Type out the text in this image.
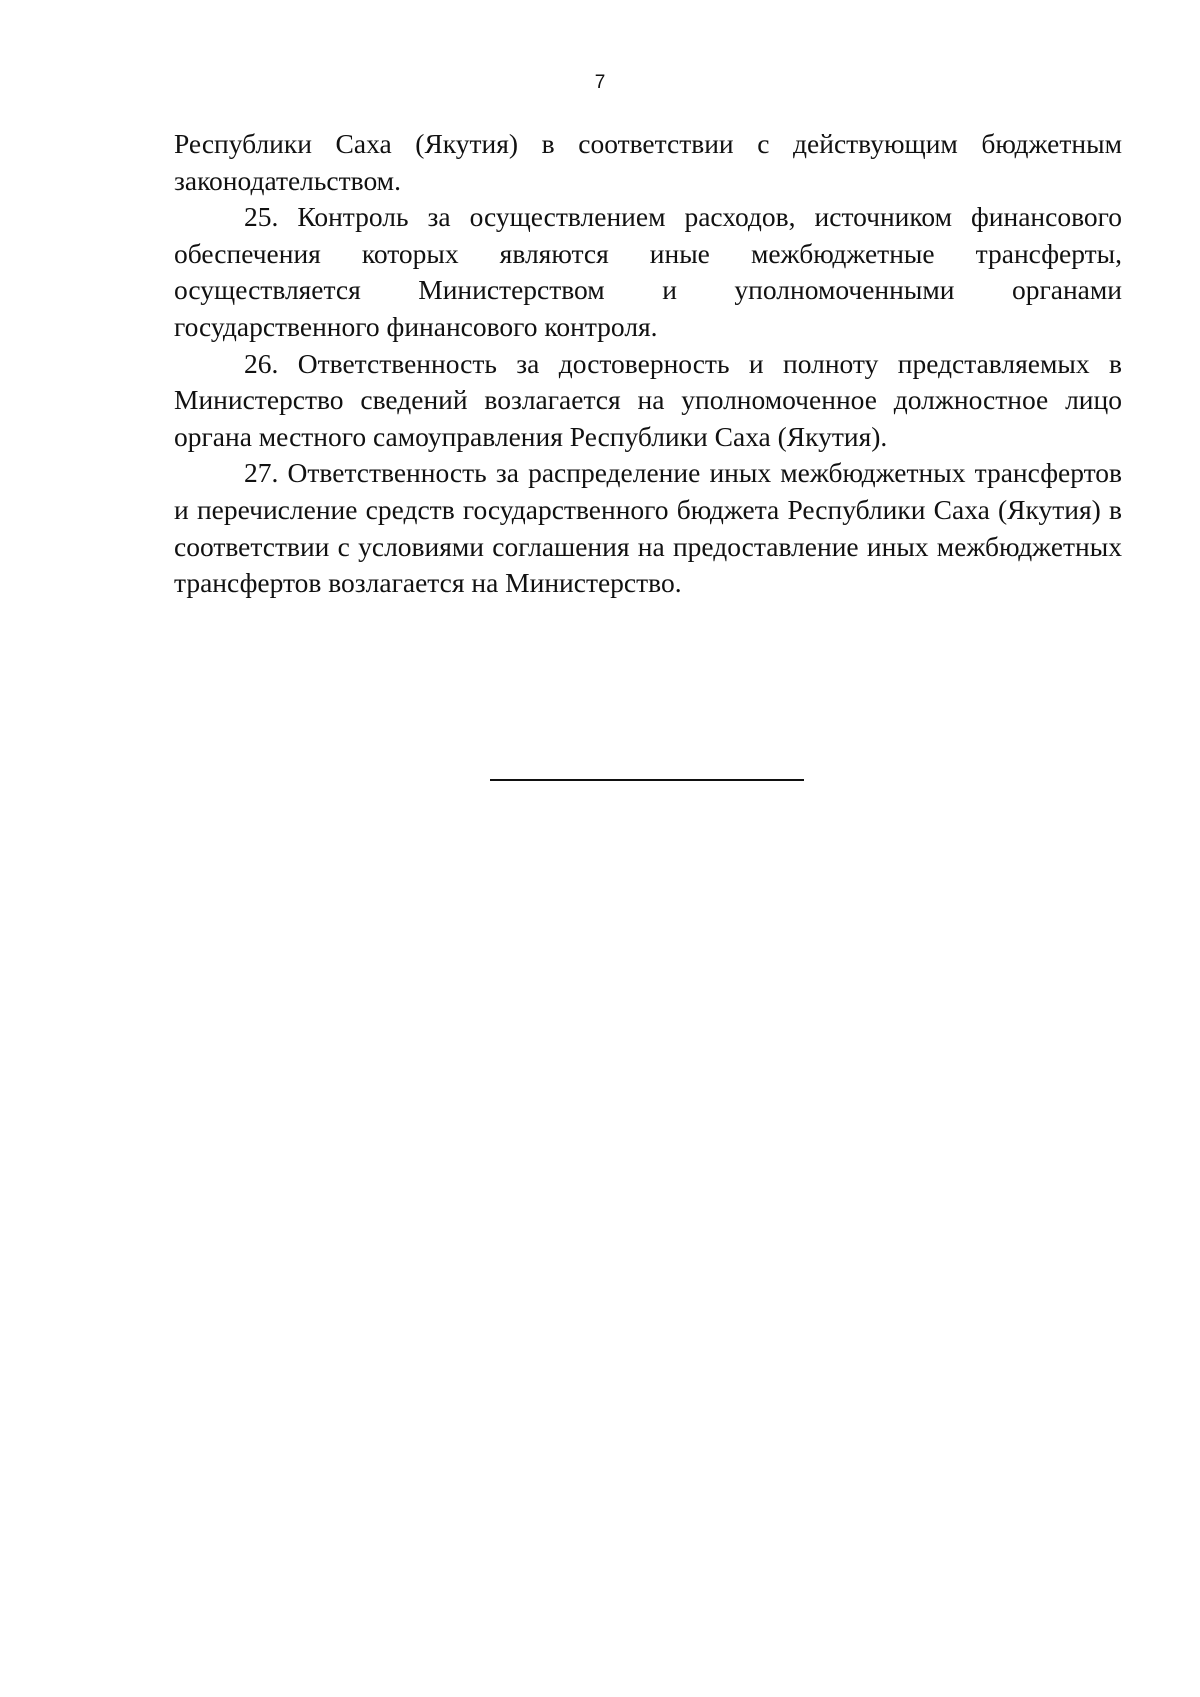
7

Республики Саха (Якутия) в соответствии с действующим бюджетным законодательством.

25. Контроль за осуществлением расходов, источником финансового обеспечения которых являются иные межбюджетные трансферты, осуществляется Министерством и уполномоченными органами государственного финансового контроля.

26. Ответственность за достоверность и полноту представляемых в Министерство сведений возлагается на уполномоченное должностное лицо органа местного самоуправления Республики Саха (Якутия).

27. Ответственность за распределение иных межбюджетных трансфертов и перечисление средств государственного бюджета Республики Саха (Якутия) в соответствии с условиями соглашения на предоставление иных межбюджетных трансфертов возлагается на Министерство.
